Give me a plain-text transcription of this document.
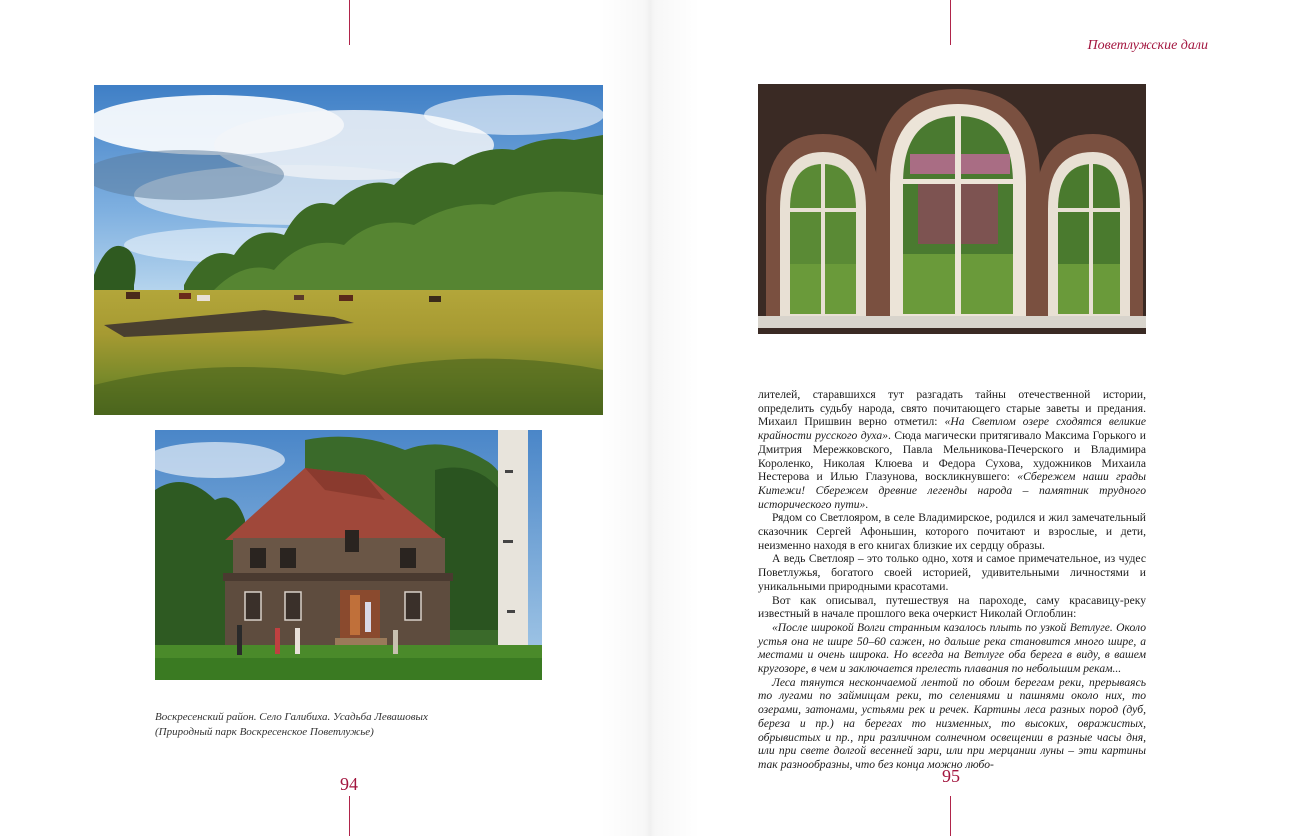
Поветлужские дали
Воскресенский район. Село Галибиха. Усадьба Левашовых
(Природный парк Воскресенское Поветлужье)

лителей, старавшихся тут разгадать тайны отечественной истории, определить судьбу народа, свято почитающего старые заветы и предания. Михаил Пришвин верно отметил: «На Светлом озере сходятся великие крайности русского духа». Сюда магически притягивало Максима Горького и Дмитрия Мережковского, Павла Мельникова-Печерского и Владимира Короленко, Николая Клюева и Федора Сухова, художников Михаила Нестерова и Илью Глазунова, воскликнувшего: «Сбережем наши грады Китежи! Сбережем древние легенды народа – памятник трудного исторического пути».

Рядом со Светлояром, в селе Владимирское, родился и жил замечательный сказочник Сергей Афоньшин, которого почитают и взрослые, и дети, неизменно находя в его книгах близкие их сердцу образы.

А ведь Светлояр – это только одно, хотя и самое примечательное, из чудес Поветлужья, богатого своей историей, удивительными личностями и уникальными природными красотами.

Вот как описывал, путешествуя на пароходе, саму красавицу-реку известный в начале прошлого века очеркист Николай Оглоблин:

«После широкой Волги странным казалось плыть по узкой Ветлуге. Около устья она не шире 50–60 сажен, но дальше река становится много шире, а местами и очень широка. Но всегда на Ветлуге оба берега в виду, в вашем кругозоре, в чем и заключается прелесть плавания по небольшим рекам...

Леса тянутся нескончаемой лентой по обоим берегам реки, прерываясь то лугами по займищам реки, то селениями и пашнями около них, то озерами, затонами, устьями рек и речек. Картины леса разных пород (дуб, береза и пр.) на берегах то низменных, то высоких, овражистых, обрывистых и пр., при различном солнечном освещении в разные часы дня, или при свете долгой весенней зари, или при мерцании луны – эти картины так разнообразны, что без конца можно любо-

94	95
